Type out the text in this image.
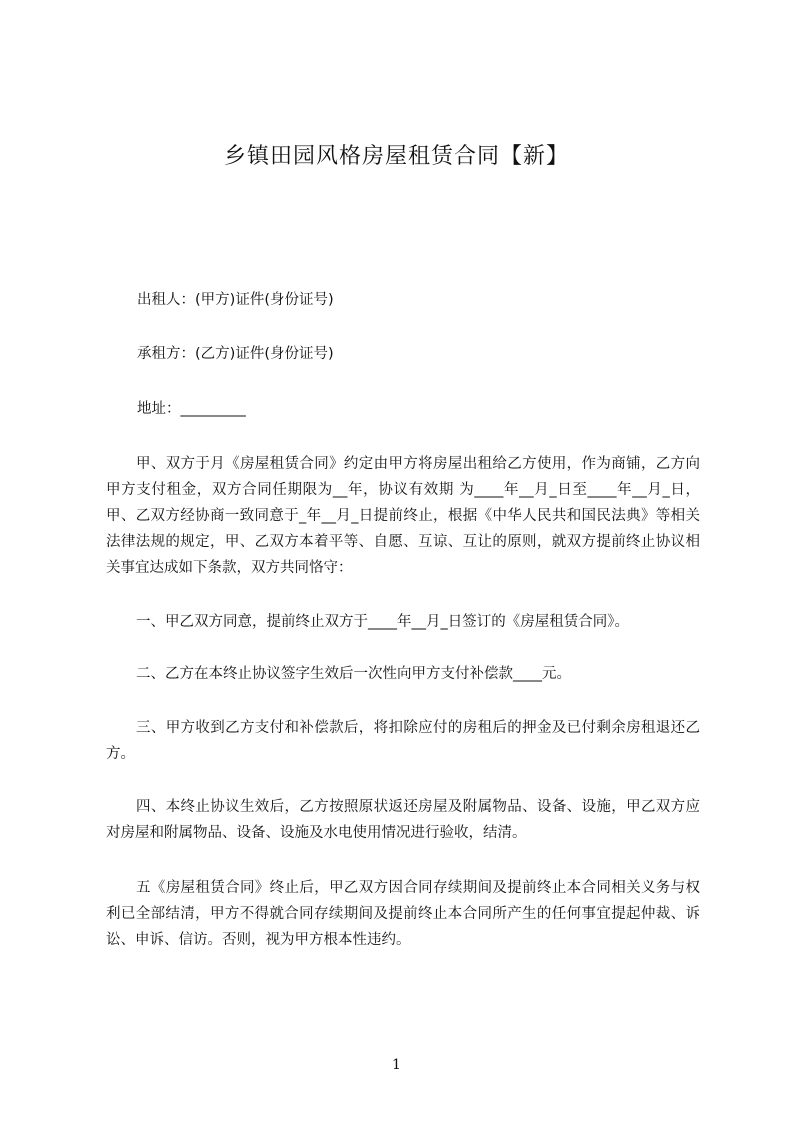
乡镇田园风格房屋租赁合同【新】
出租人：(甲方)证件(身份证号)
承租方：(乙方)证件(身份证号)
地址：_________
甲、双方于月《房屋租赁合同》约定由甲方将房屋出租给乙方使用，作为商铺，乙方向甲方支付租金，双方合同任期限为__年，协议有效期 为____年__月_日至____年__月_日，甲、乙双方经协商一致同意于_年__月_日提前终止，根据《中华人民共和国民法典》等相关法律法规的规定，甲、乙双方本着平等、自愿、互谅、互让的原则，就双方提前终止协议相关事宜达成如下条款，双方共同恪守：
一、甲乙双方同意，提前终止双方于____年__月_日签订的《房屋租赁合同》。
二、乙方在本终止协议签字生效后一次性向甲方支付补偿款____元。
三、甲方收到乙方支付和补偿款后，将扣除应付的房租后的押金及已付剩余房租退还乙方。
四、本终止协议生效后，乙方按照原状返还房屋及附属物品、设备、设施，甲乙双方应对房屋和附属物品、设备、设施及水电使用情况进行验收，结清。
五《房屋租赁合同》终止后，甲乙双方因合同存续期间及提前终止本合同相关义务与权利已全部结清，甲方不得就合同存续期间及提前终止本合同所产生的任何事宜提起仲裁、诉讼、申诉、信访。否则，视为甲方根本性违约。
1
